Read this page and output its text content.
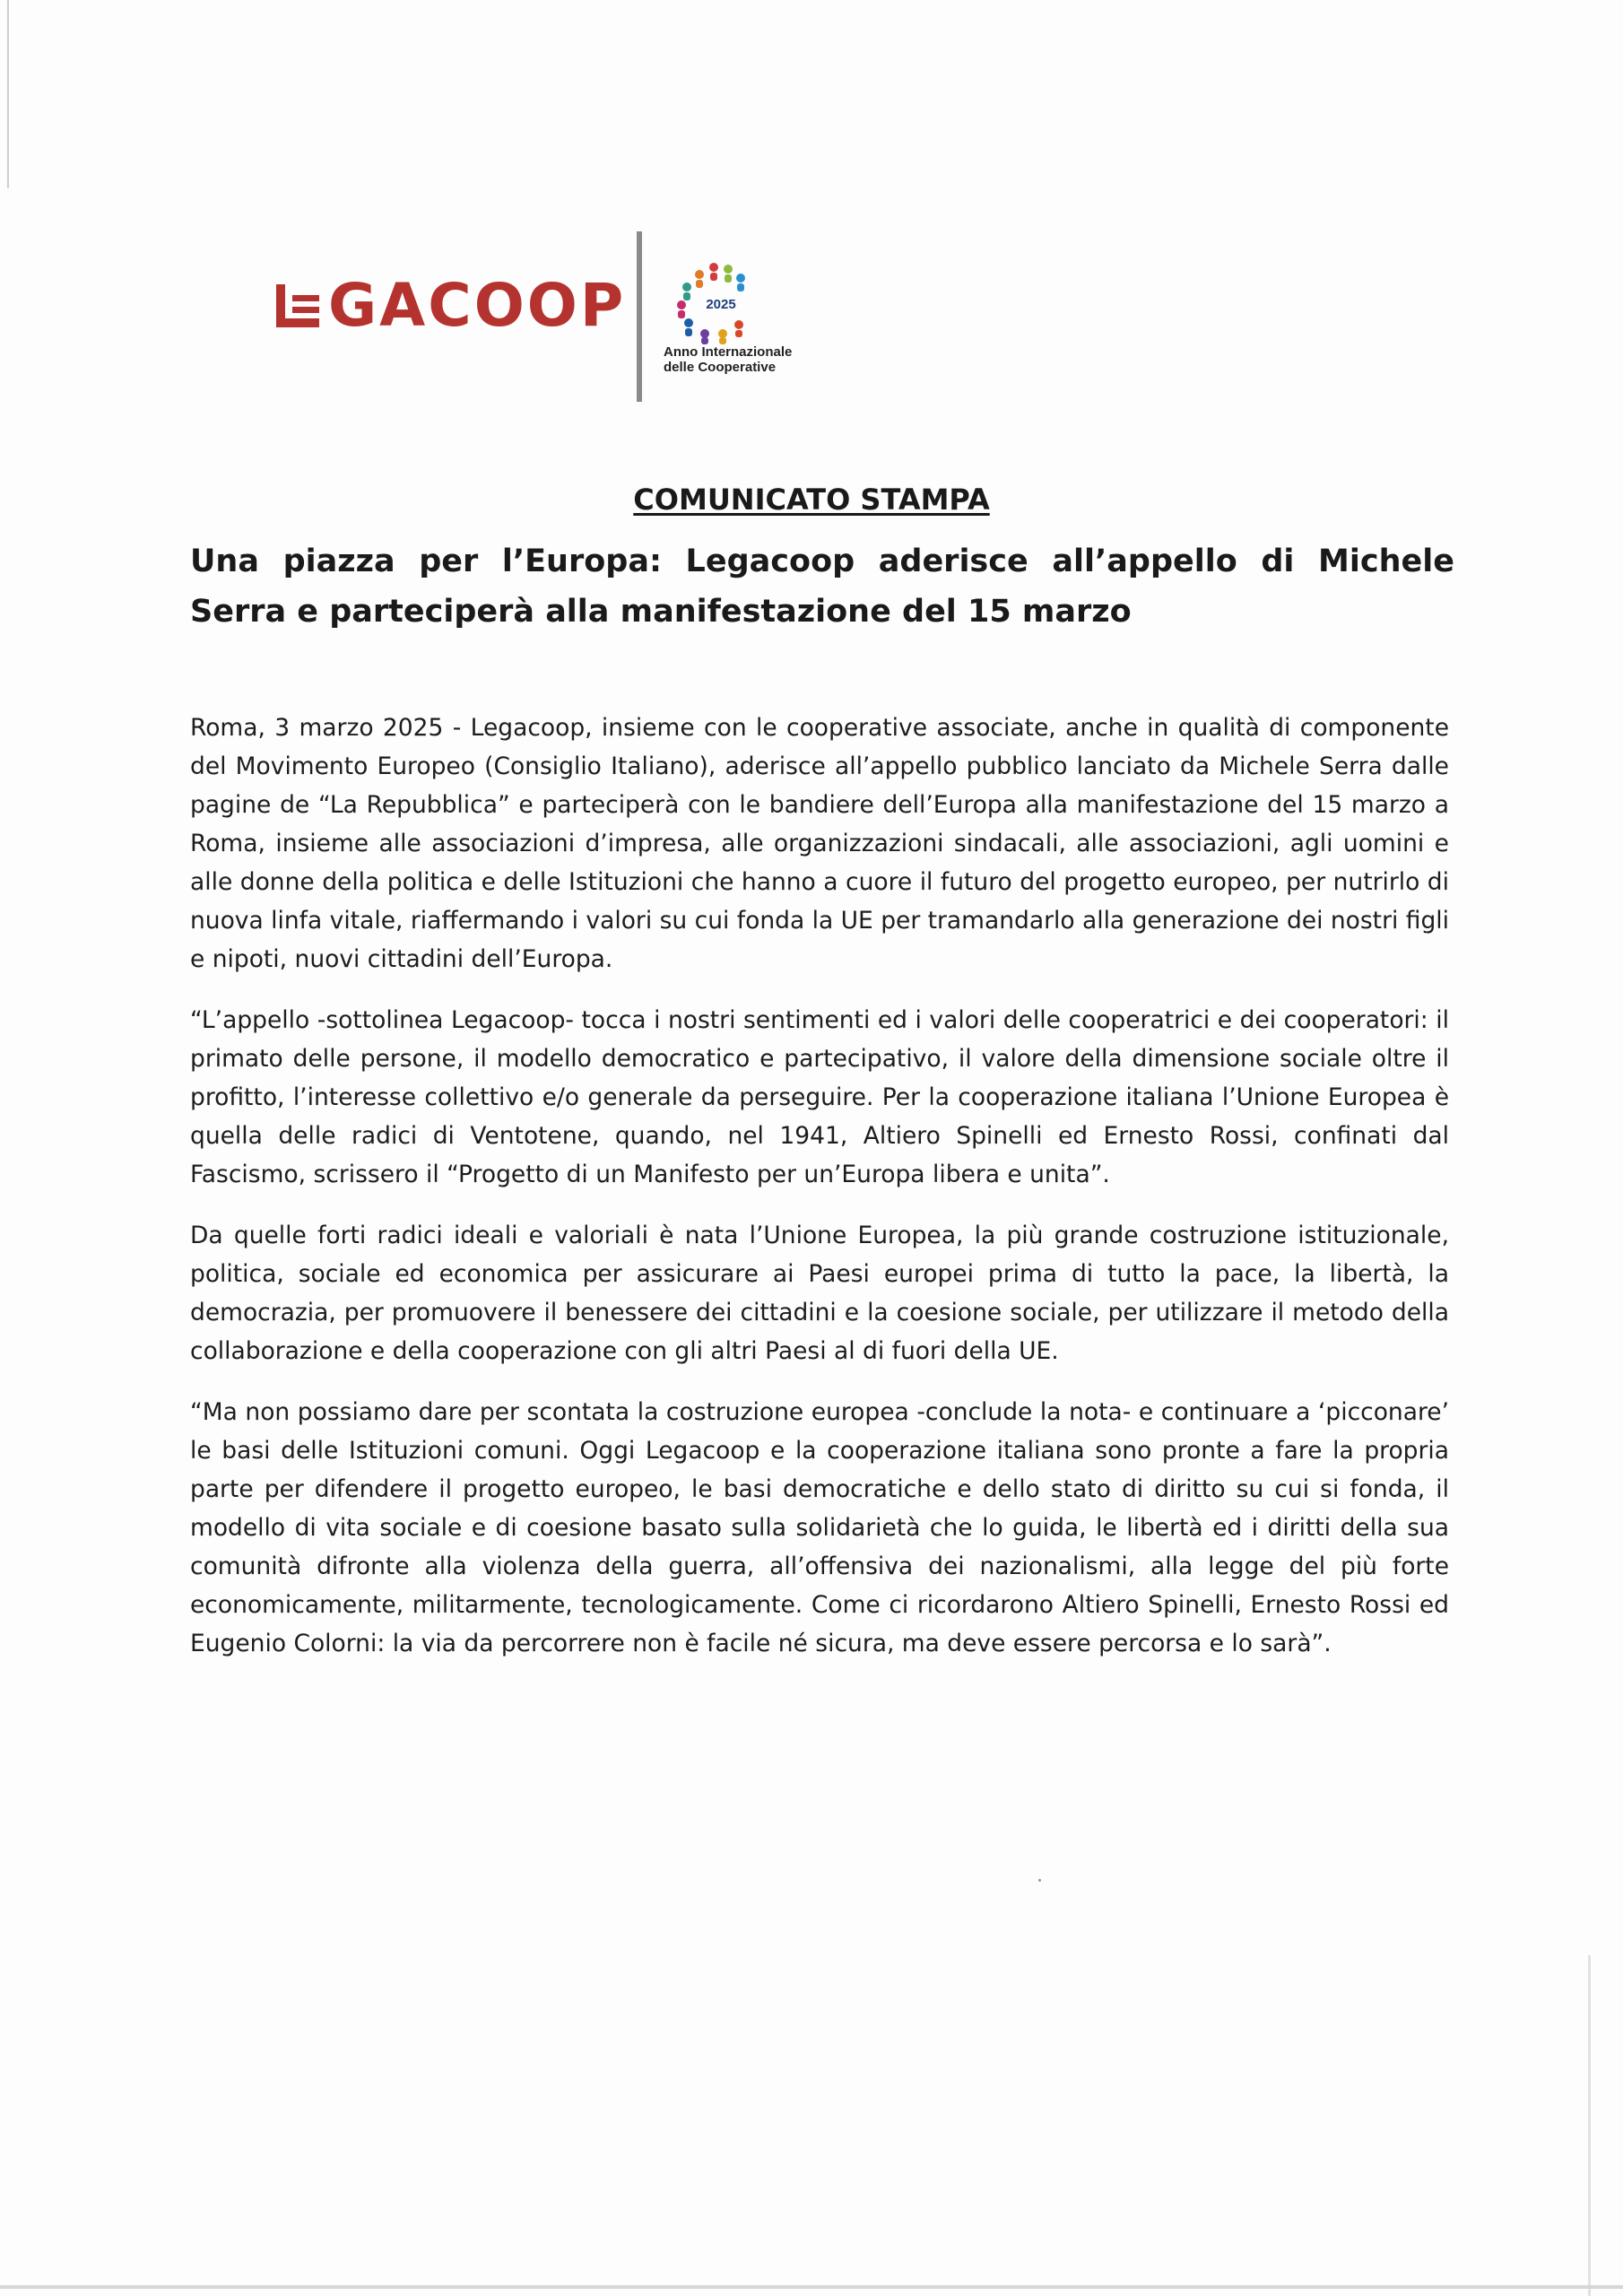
GACOOP	2025
Anno Internazionale
delle Cooperative
COMUNICATO STAMPA
Una piazza per l’Europa: Legacoop aderisce all’appello di Michele Serra e parteciperà alla manifestazione del 15 marzo

Roma, 3 marzo 2025 - Legacoop, insieme con le cooperative associate, anche in qualità di componente del Movimento Europeo (Consiglio Italiano), aderisce all’appello pubblico lanciato da Michele Serra dalle pagine de “La Repubblica” e parteciperà con le bandiere dell’Europa alla manifestazione del 15 marzo a Roma, insieme alle associazioni d’impresa, alle organizzazioni sindacali, alle associazioni, agli uomini e alle donne della politica e delle Istituzioni che hanno a cuore il futuro del progetto europeo, per nutrirlo di nuova linfa vitale, riaffermando i valori su cui fonda la UE per tramandarlo alla generazione dei nostri figli e nipoti, nuovi cittadini dell’Europa.

“L’appello -sottolinea Legacoop- tocca i nostri sentimenti ed i valori delle cooperatrici e dei cooperatori: il primato delle persone, il modello democratico e partecipativo, il valore della dimensione sociale oltre il profitto, l’interesse collettivo e/o generale da perseguire. Per la cooperazione italiana l’Unione Europea è quella delle radici di Ventotene, quando, nel 1941, Altiero Spinelli ed Ernesto Rossi, confinati dal Fascismo, scrissero il “Progetto di un Manifesto per un’Europa libera e unita”.

Da quelle forti radici ideali e valoriali è nata l’Unione Europea, la più grande costruzione istituzionale, politica, sociale ed economica per assicurare ai Paesi europei prima di tutto la pace, la libertà, la democrazia, per promuovere il benessere dei cittadini e la coesione sociale, per utilizzare il metodo della collaborazione e della cooperazione con gli altri Paesi al di fuori della UE.

“Ma non possiamo dare per scontata la costruzione europea -conclude la nota- e continuare a ‘picconare’ le basi delle Istituzioni comuni. Oggi Legacoop e la cooperazione italiana sono pronte a fare la propria parte per difendere il progetto europeo, le basi democratiche e dello stato di diritto su cui si fonda, il modello di vita sociale e di coesione basato sulla solidarietà che lo guida, le libertà ed i diritti della sua comunità difronte alla violenza della guerra, all’offensiva dei nazionalismi, alla legge del più forte economicamente, militarmente, tecnologicamente. Come ci ricordarono Altiero Spinelli, Ernesto Rossi ed Eugenio Colorni: la via da percorrere non è facile né sicura, ma deve essere percorsa e lo sarà”.
